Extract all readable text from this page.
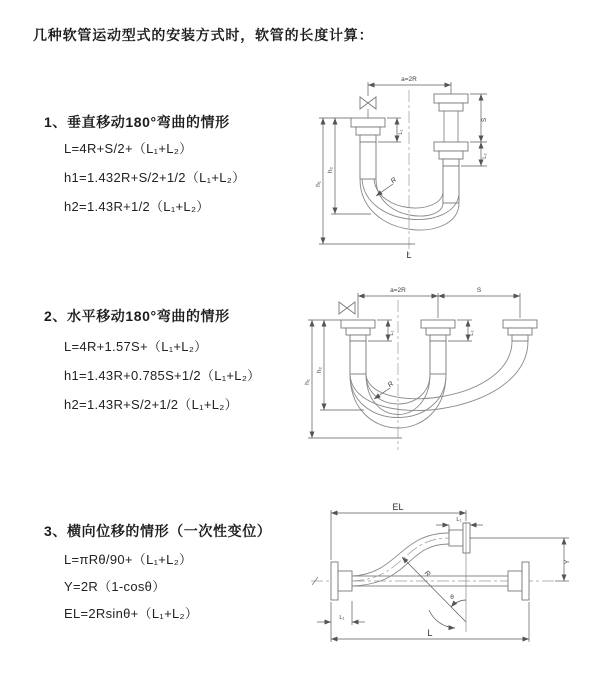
几种软管运动型式的安装方式时，软管的长度计算：
1、垂直移动180°弯曲的情形
L=4R+S/2+（L₁+L₂）
h1=1.432R+S/2+1/2（L₁+L₂）
h2=1.43R+1/2（L₁+L₂）
a=2R
h₁
h₂
L₁
S
L₂
R
L
2、水平移动180°弯曲的情形
L=4R+1.57S+（L₁+L₂）
h1=1.43R+0.785S+1/2（L₁+L₂）
h2=1.43R+S/2+1/2（L₁+L₂）
a=2R	S
h₁
h₂
L₁	L₂
R
3、横向位移的情形（一次性变位）
L=πRθ/90+（L₁+L₂）
Y=2R（1-cosθ）
EL=2Rsinθ+（L₁+L₂）
EL
L₁
Y
R
θ
L
L₁
